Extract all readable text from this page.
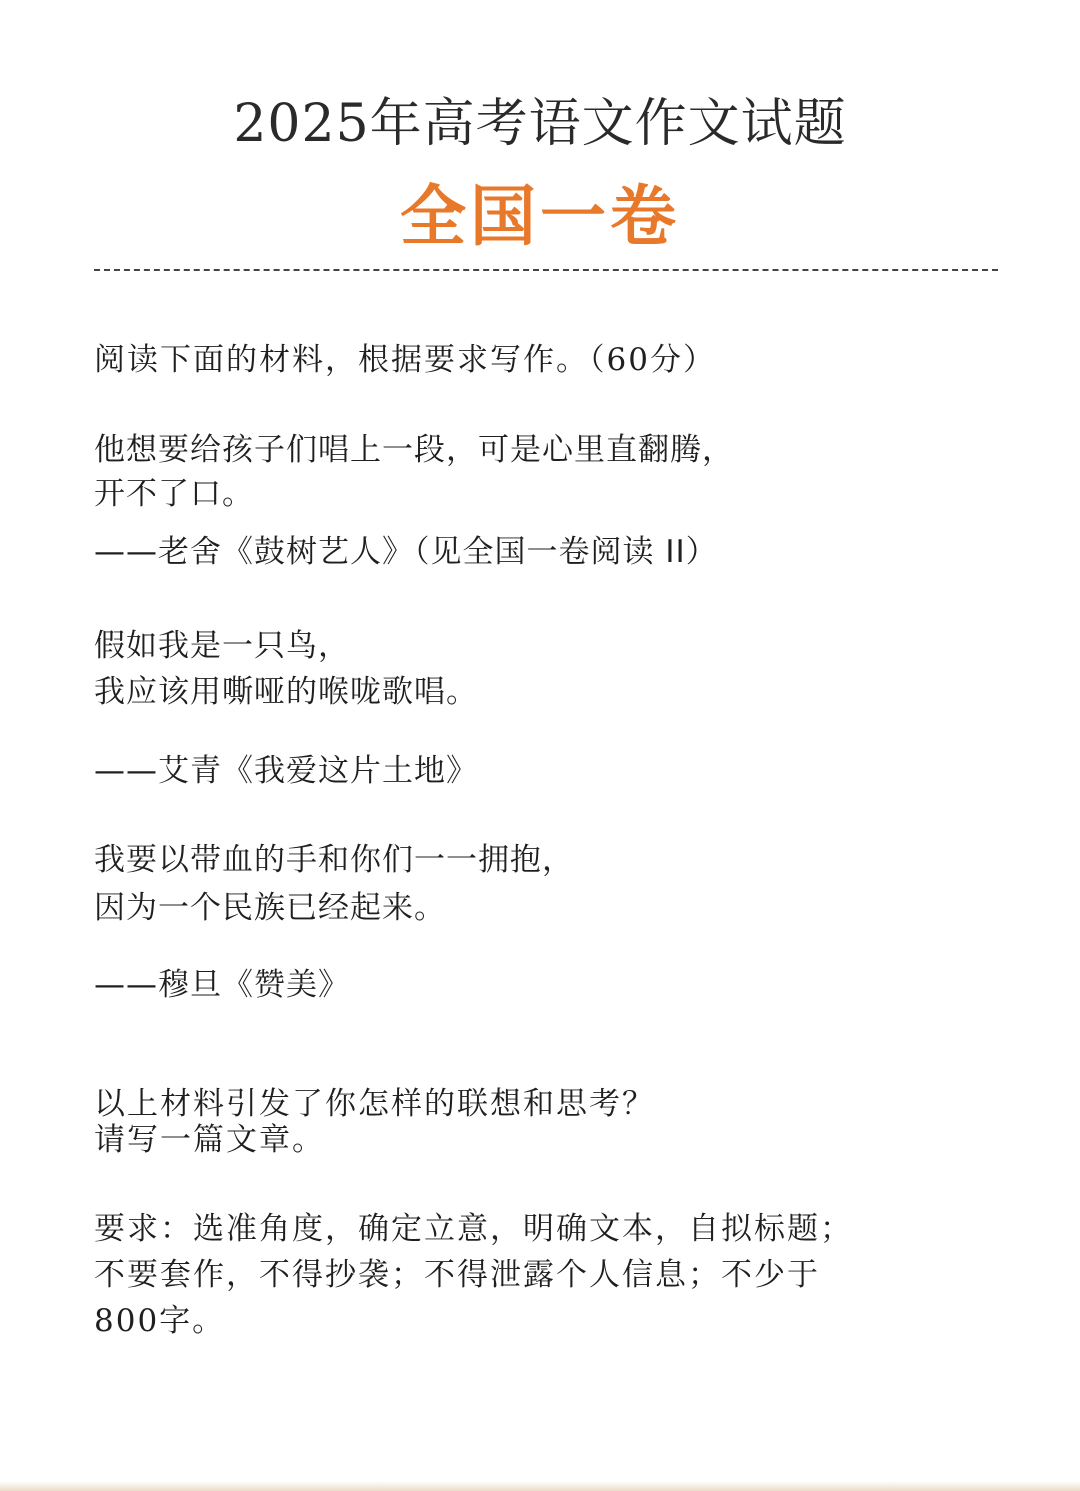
2025年高考语文作文试题
全国一卷

阅读下面的材料，根据要求写作。（60分）

他想要给孩子们唱上一段，可是心里直翻腾，

开不了口。

——老舍《鼓树艺人》（见全国一卷阅读 II）

假如我是一只鸟，

我应该用嘶哑的喉咙歌唱。

——艾青《我爱这片土地》

我要以带血的手和你们一一拥抱，

因为一个民族已经起来。

——穆旦《赞美》

以上材料引发了你怎样的联想和思考？

请写一篇文章。

要求：选准角度，确定立意，明确文本，自拟标题；

不要套作，不得抄袭；不得泄露个人信息；不少于

800字。
